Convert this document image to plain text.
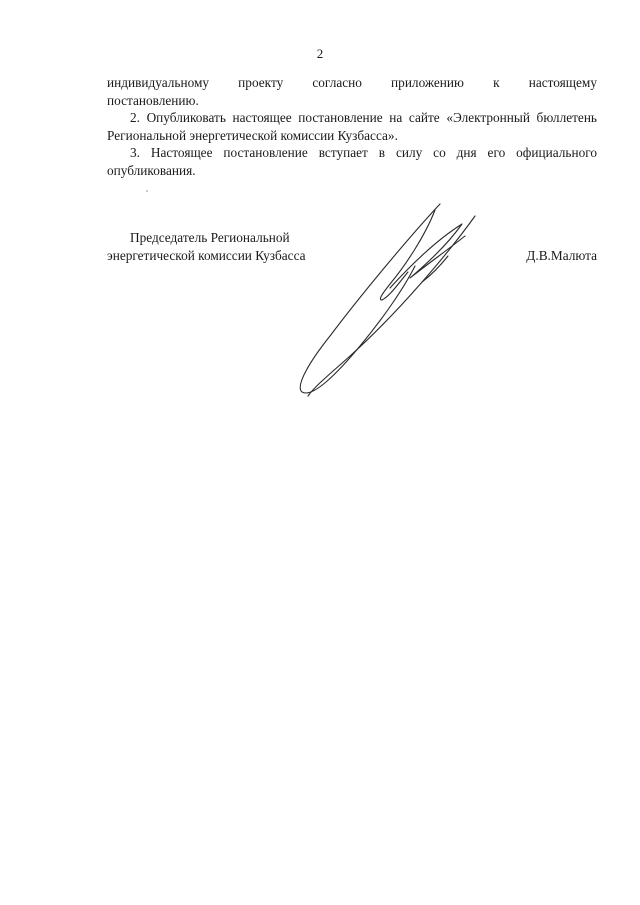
2

индивидуальному проекту согласно приложению к настоящему

постановлению.

2. Опубликовать настоящее постановление на сайте «Электронный бюллетень Региональной энергетической комиссии Кузбасса».

3. Настоящее постановление вступает в силу со дня его официального опубликования.

Председатель Региональной
энергетической комиссии Кузбасса	Д.В.Малюта
